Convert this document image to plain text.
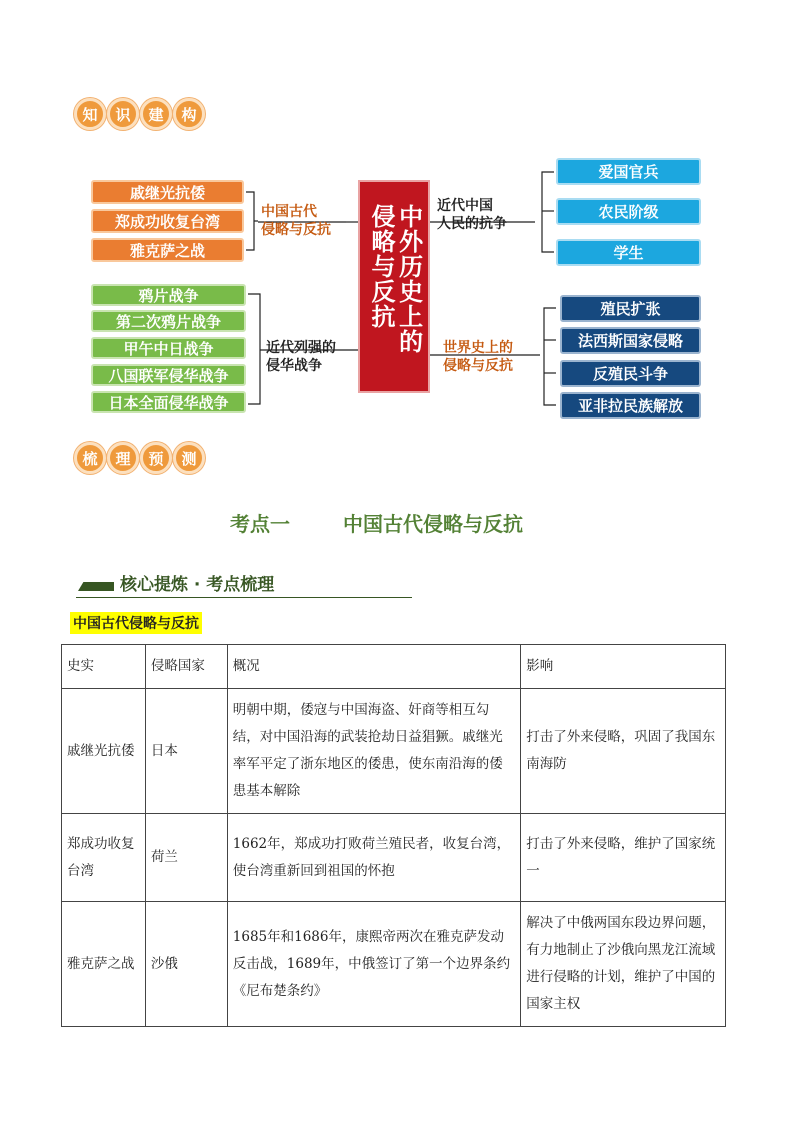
知	识	建	构
戚继光抗倭
郑成功收复台湾
雅克萨之战
中国古代
侵略与反抗
鸦片战争
第二次鸦片战争
甲午中日战争
八国联军侵华战争
日本全面侵华战争
近代列强的
侵华战争
中外历史上的侵略与反抗	近代中国
人民的抗争
爱国官兵
农民阶级
学生
世界史上的
侵略与反抗
殖民扩张
法西斯国家侵略
反殖民斗争
亚非拉民族解放
梳	理	预	测
考点一	中国古代侵略与反抗
核心提炼 · 考点梳理
中国古代侵略与反抗
史实	侵略国家	概况	影响
戚继光抗倭	日本	明朝中期，倭寇与中国海盗、奸商等相互勾结，对中国沿海的武装抢劫日益猖獗。戚继光率军平定了浙东地区的倭患，使东南沿海的倭患基本解除	打击了外来侵略，巩固了我国东南海防
郑成功收复台湾	荷兰	1662年，郑成功打败荷兰殖民者，收复台湾，使台湾重新回到祖国的怀抱	打击了外来侵略，维护了国家统一
雅克萨之战	沙俄	1685年和1686年，康熙帝两次在雅克萨发动反击战，1689年，中俄签订了第一个边界条约《尼布楚条约》	解决了中俄两国东段边界问题，有力地制止了沙俄向黑龙江流域进行侵略的计划，维护了中国的国家主权
